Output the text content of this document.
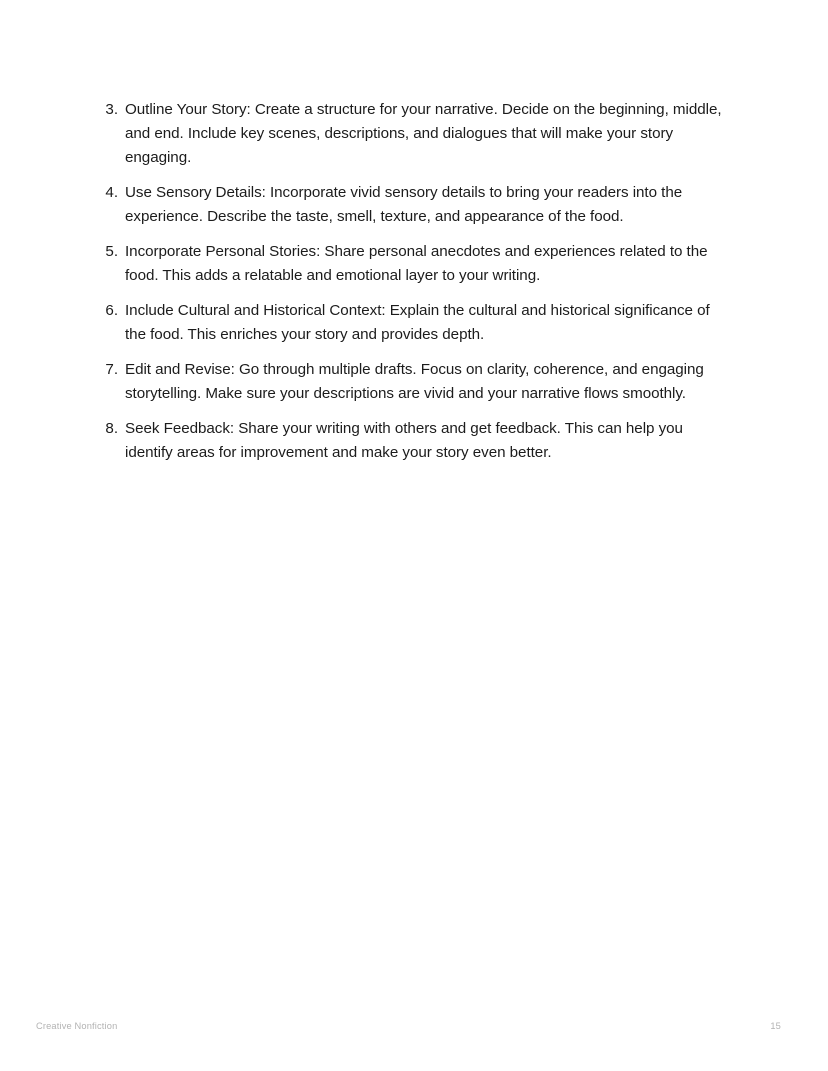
3. Outline Your Story: Create a structure for your narrative. Decide on the beginning, middle, and end. Include key scenes, descriptions, and dialogues that will make your story engaging.
4. Use Sensory Details: Incorporate vivid sensory details to bring your readers into the experience. Describe the taste, smell, texture, and appearance of the food.
5. Incorporate Personal Stories: Share personal anecdotes and experiences related to the food. This adds a relatable and emotional layer to your writing.
6. Include Cultural and Historical Context: Explain the cultural and historical significance of the food. This enriches your story and provides depth.
7. Edit and Revise: Go through multiple drafts. Focus on clarity, coherence, and engaging storytelling. Make sure your descriptions are vivid and your narrative flows smoothly.
8. Seek Feedback: Share your writing with others and get feedback. This can help you identify areas for improvement and make your story even better.
Creative Nonfiction	15
